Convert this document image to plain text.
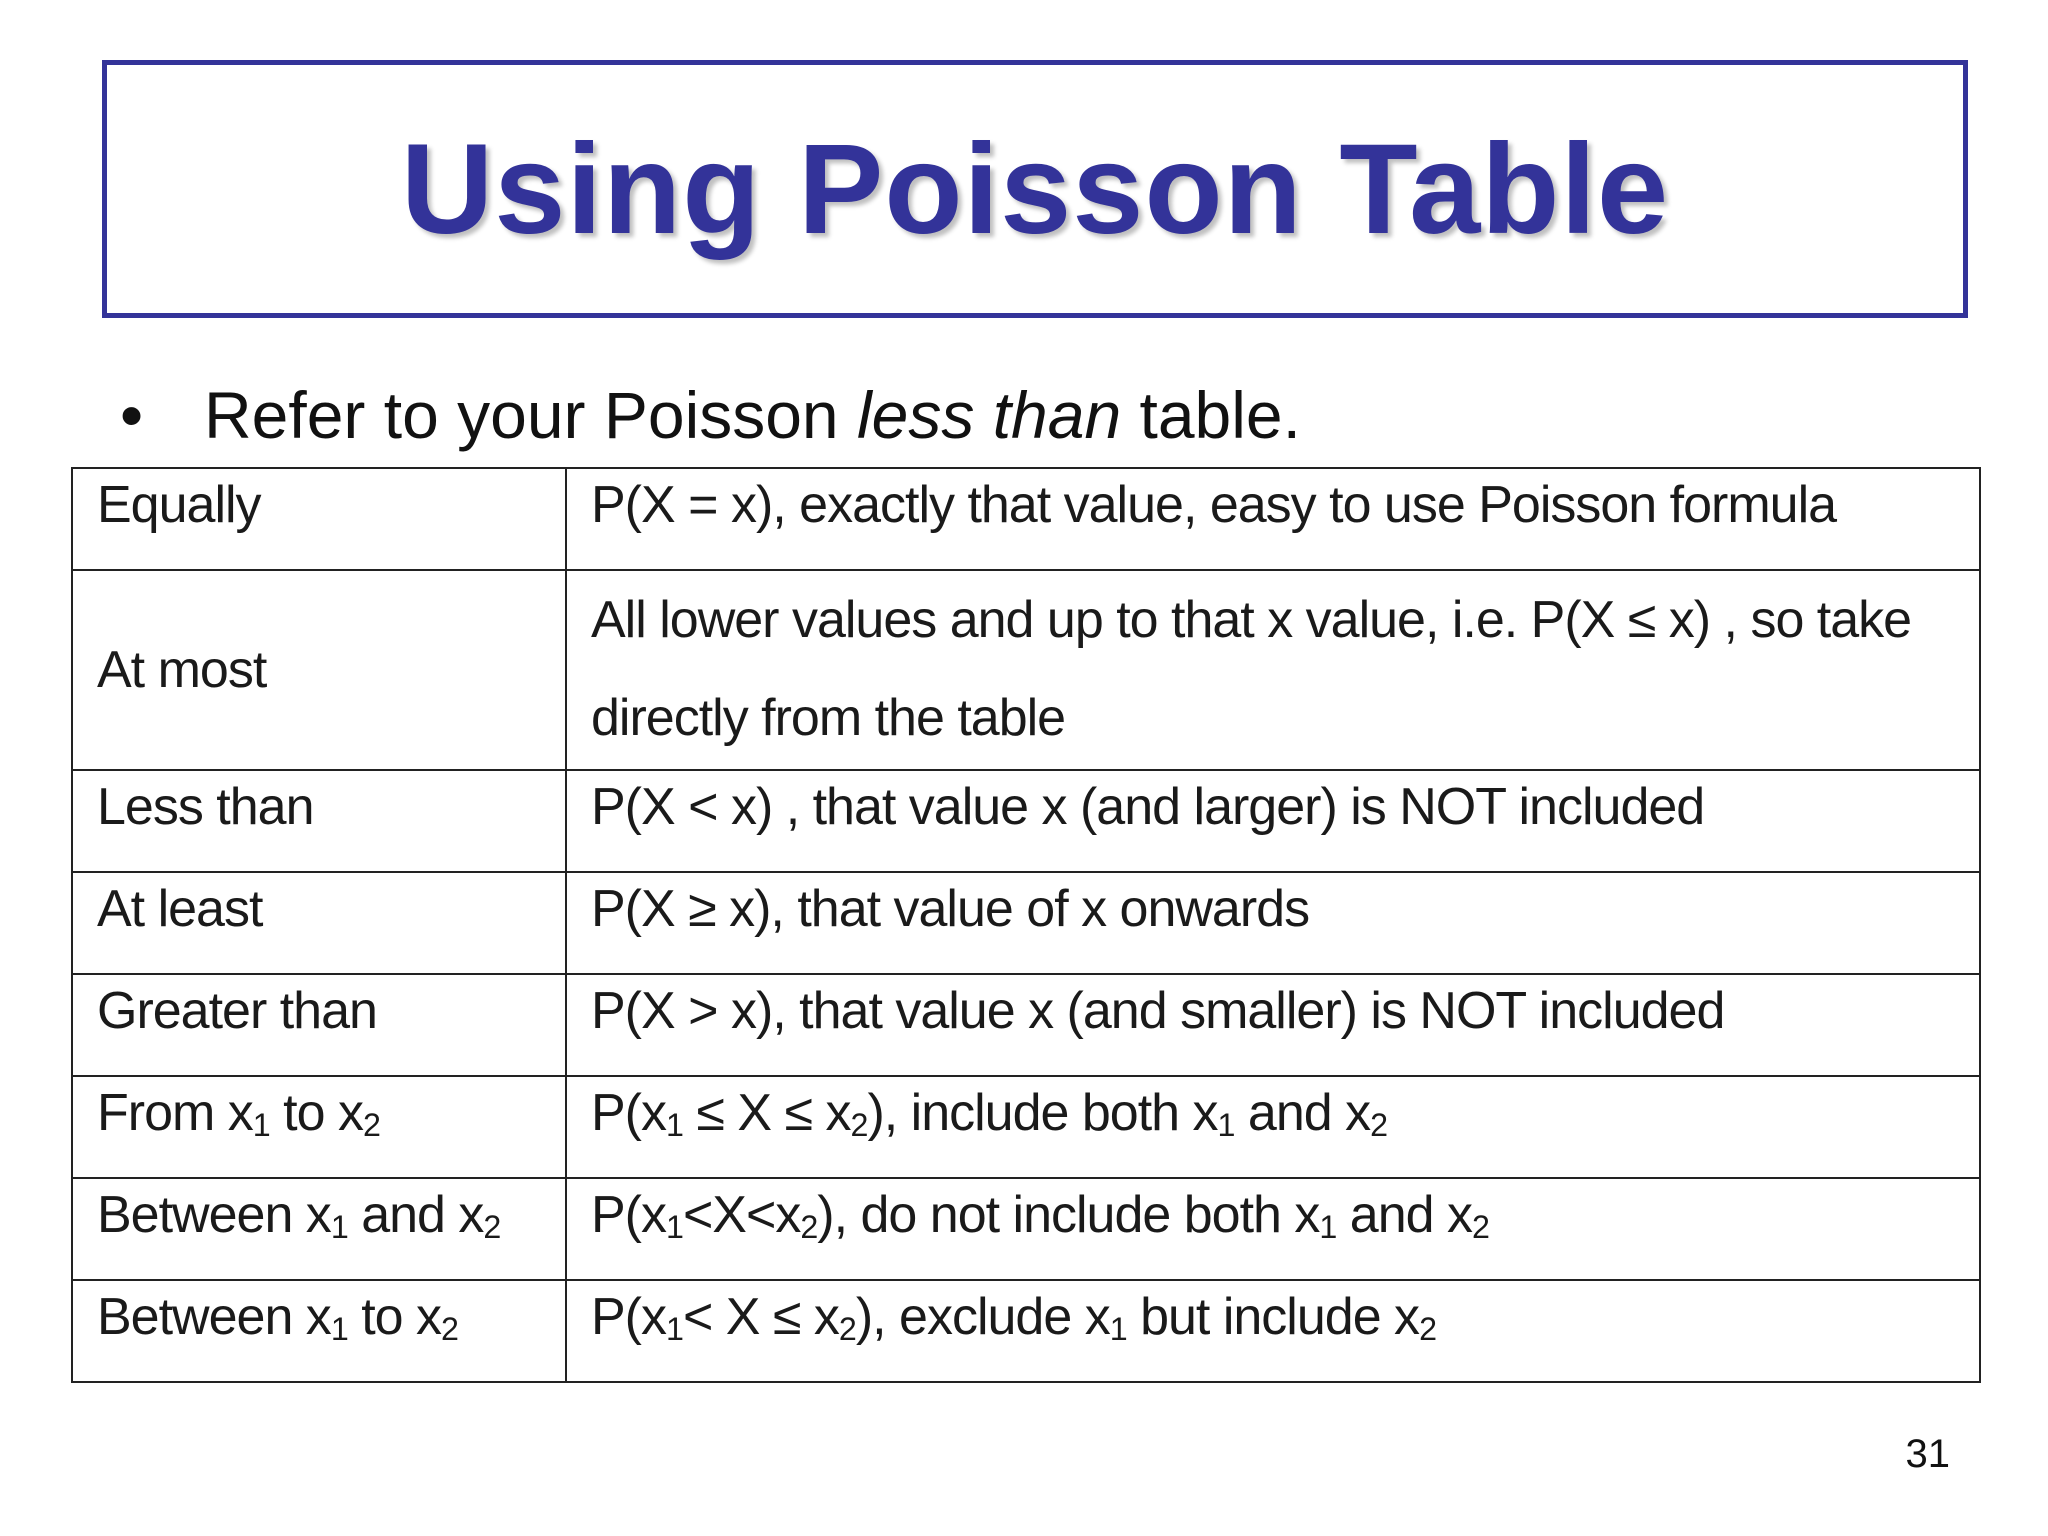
Using Poisson Table
• Refer to your Poisson less than table.
Equally	P(X = x), exactly that value, easy to use Poisson formula
At most	All lower values and up to that x value, i.e. P(X ≤ x) , so take
directly from the table
Less than	P(X < x) , that value x (and larger) is NOT included
At least	P(X ≥ x), that value of x onwards
Greater than	P(X > x), that value x (and smaller) is NOT included
From $x_1$ to $x_2$	$P(x_1 \le X \le x_2)$, include both $x_1$ and $x_2$
Between $x_1$ and $x_2$	$P(x_1<X<x_2)$, do not include both $x_1$ and $x_2$
Between $x_1$ to $x_2$	$P(x_1< X \le x_2)$, exclude $x_1$ but include $x_2$
31
